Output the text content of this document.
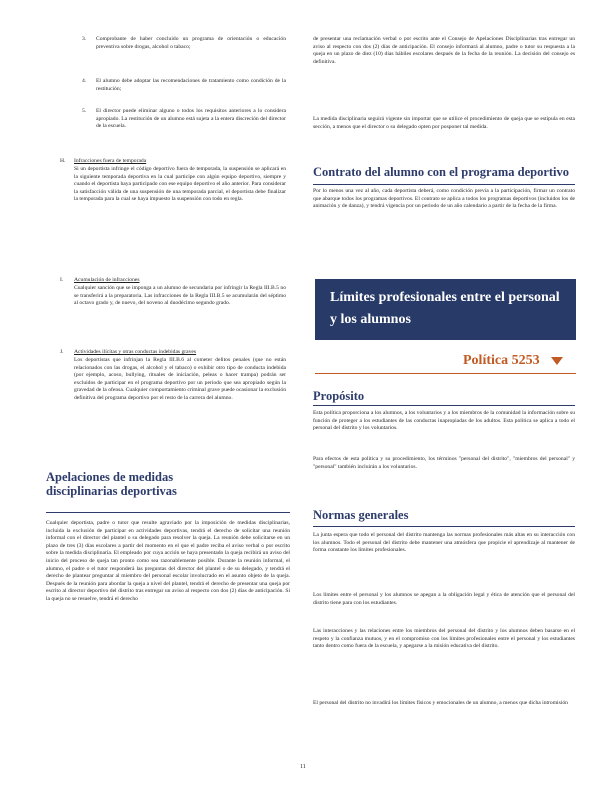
3. Comprobante de haber concluido un programa de orientación o educación preventiva sobre drogas, alcohol o tabaco;

4. El alumno debe adoptar las recomendaciones de tratamiento como condición de la restitución;

5. El director puede eliminar alguno o todos los requisitos anteriores a lo considera apropiado. La restitución de un alumno está sujeta a la entera discreción del director de la escuela.

H. Infracciones fuera de temporada

Si un deportista infringe el código deportivo fuera de temporada, la suspensión se aplicará en la siguiente temporada deportiva en la cual participe con algún equipo deportivo, siempre y cuando el deportista haya participado con ese equipo deportivo el año anterior. Para considerar la satisfacción válida de una suspensión de una temporada parcial, el deportista debe finalizar la temporada para la cual se haya impuesto la suspensión con todo en regla.

I. Acumulación de infracciones

Cualquier sanción que se imponga a un alumno de secundaria por infringir la Regla III.B.5 no se transferirá a la preparatoria. Las infracciones de la Regla III.B.5 se acumularán del séptimo al octavo grado y, de nuevo, del noveno al duodécimo segundo grado.

J. Actividades ilícitas y otras conductas indebidas graves

Los deportistas que infrinjan la Regla III.B.6 al cometer delitos penales (que no están relacionados con las drogas, el alcohol y el tabaco) o exhibir otro tipo de conducta indebida (por ejemplo, acoso, bullying, rituales de iniciación, peleas o hacer trampa) podrán ser excluidos de participar en el programa deportivo por un periodo que sea apropiado según la gravedad de la ofensa. Cualquier comportamiento criminal grave puede ocasionar la exclusión definitiva del programa deportivo por el resto de la carrera del alumno.

Apelaciones de medidas disciplinarias deportivas

Cualquier deportista, padre o tutor que resulte agraviado por la imposición de medidas disciplinarias, incluida la exclusión de participar en actividades deportivas, tendrá el derecho de solicitar una reunión informal con el director del plantel o su delegado para resolver la queja. La reunión debe solicitarse en un plazo de tres (3) días escolares a partir del momento en el que el padre reciba el aviso verbal o por escrito sobre la medida disciplinaria. El empleado por cuya acción se haya presentado la queja recibirá un aviso del inicio del proceso de queja tan pronto como sea razonablemente posible. Durante la reunión informal, el alumno, el padre o el tutor responderá las preguntas del director del plantel o de su delegado, y tendrá el derecho de plantear preguntar al miembro del personal escolar involucrado en el asunto objeto de la queja. Después de la reunión para abordar la queja a nivel del plantel, tendrá el derecho de presentar una queja por escrito al director deportivo del distrito tras entregar un aviso al respecto con dos (2) días de anticipación. Si la queja no se resuelve, tendrá el derecho

de presentar una reclamación verbal o por escrito ante el Consejo de Apelaciones Disciplinarias tras entregar un aviso al respecto con dos (2) días de anticipación. El consejo informará al alumno, padre o tutor su respuesta a la queja en un plazo de diez (10) días hábiles escolares después de la fecha de la reunión. La decisión del consejo es definitiva.

La medida disciplinaria seguirá vigente sin importar que se utilice el procedimiento de queja que se estipula en esta sección, a menos que el director o su delegado opten por posponer tal medida.

Contrato del alumno con el programa deportivo

Por lo menos una vez al año, cada deportista deberá, como condición previa a la participación, firmar un contrato que abarque todos los programas deportivos. El contrato se aplica a todos los programas deportivos (incluidos los de animación y de danza), y tendrá vigencia por un periodo de un año calendario a partir de la fecha de la firma.

Límites profesionales entre el personal y los alumnos
Política 5253
Propósito

Esta política proporciona a los alumnos, a los voluntarios y a los miembros de la comunidad la información sobre su función de proteger a los estudiantes de las conductas inapropiadas de los adultos. Esta política se aplica a todo el personal del distrito y los voluntarios.

Para efectos de esta política y su procedimiento, los términos "personal del distrito", "miembros del personal" y "personal" también incluirán a los voluntarios.

Normas generales

La junta espera que todo el personal del distrito mantenga las normas profesionales más altas en su interacción con los alumnos. Todo el personal del distrito debe mantener una atmósfera que propicie el aprendizaje al mantener de forma constante los límites profesionales.

Los límites entre el personal y los alumnos se apegan a la obligación legal y ética de atención que el personal del distrito tiene para con los estudiantes.

Las interacciones y las relaciones entre los miembros del personal del distrito y los alumnos deben basarse en el respeto y la confianza mutuos, y en el compromiso con los límites profesionales entre el personal y los estudiantes tanto dentro como fuera de la escuela, y apegarse a la misión educativa del distrito.

El personal del distrito no invadirá los límites físicos y emocionales de un alumno, a menos que dicha intromisión

11
